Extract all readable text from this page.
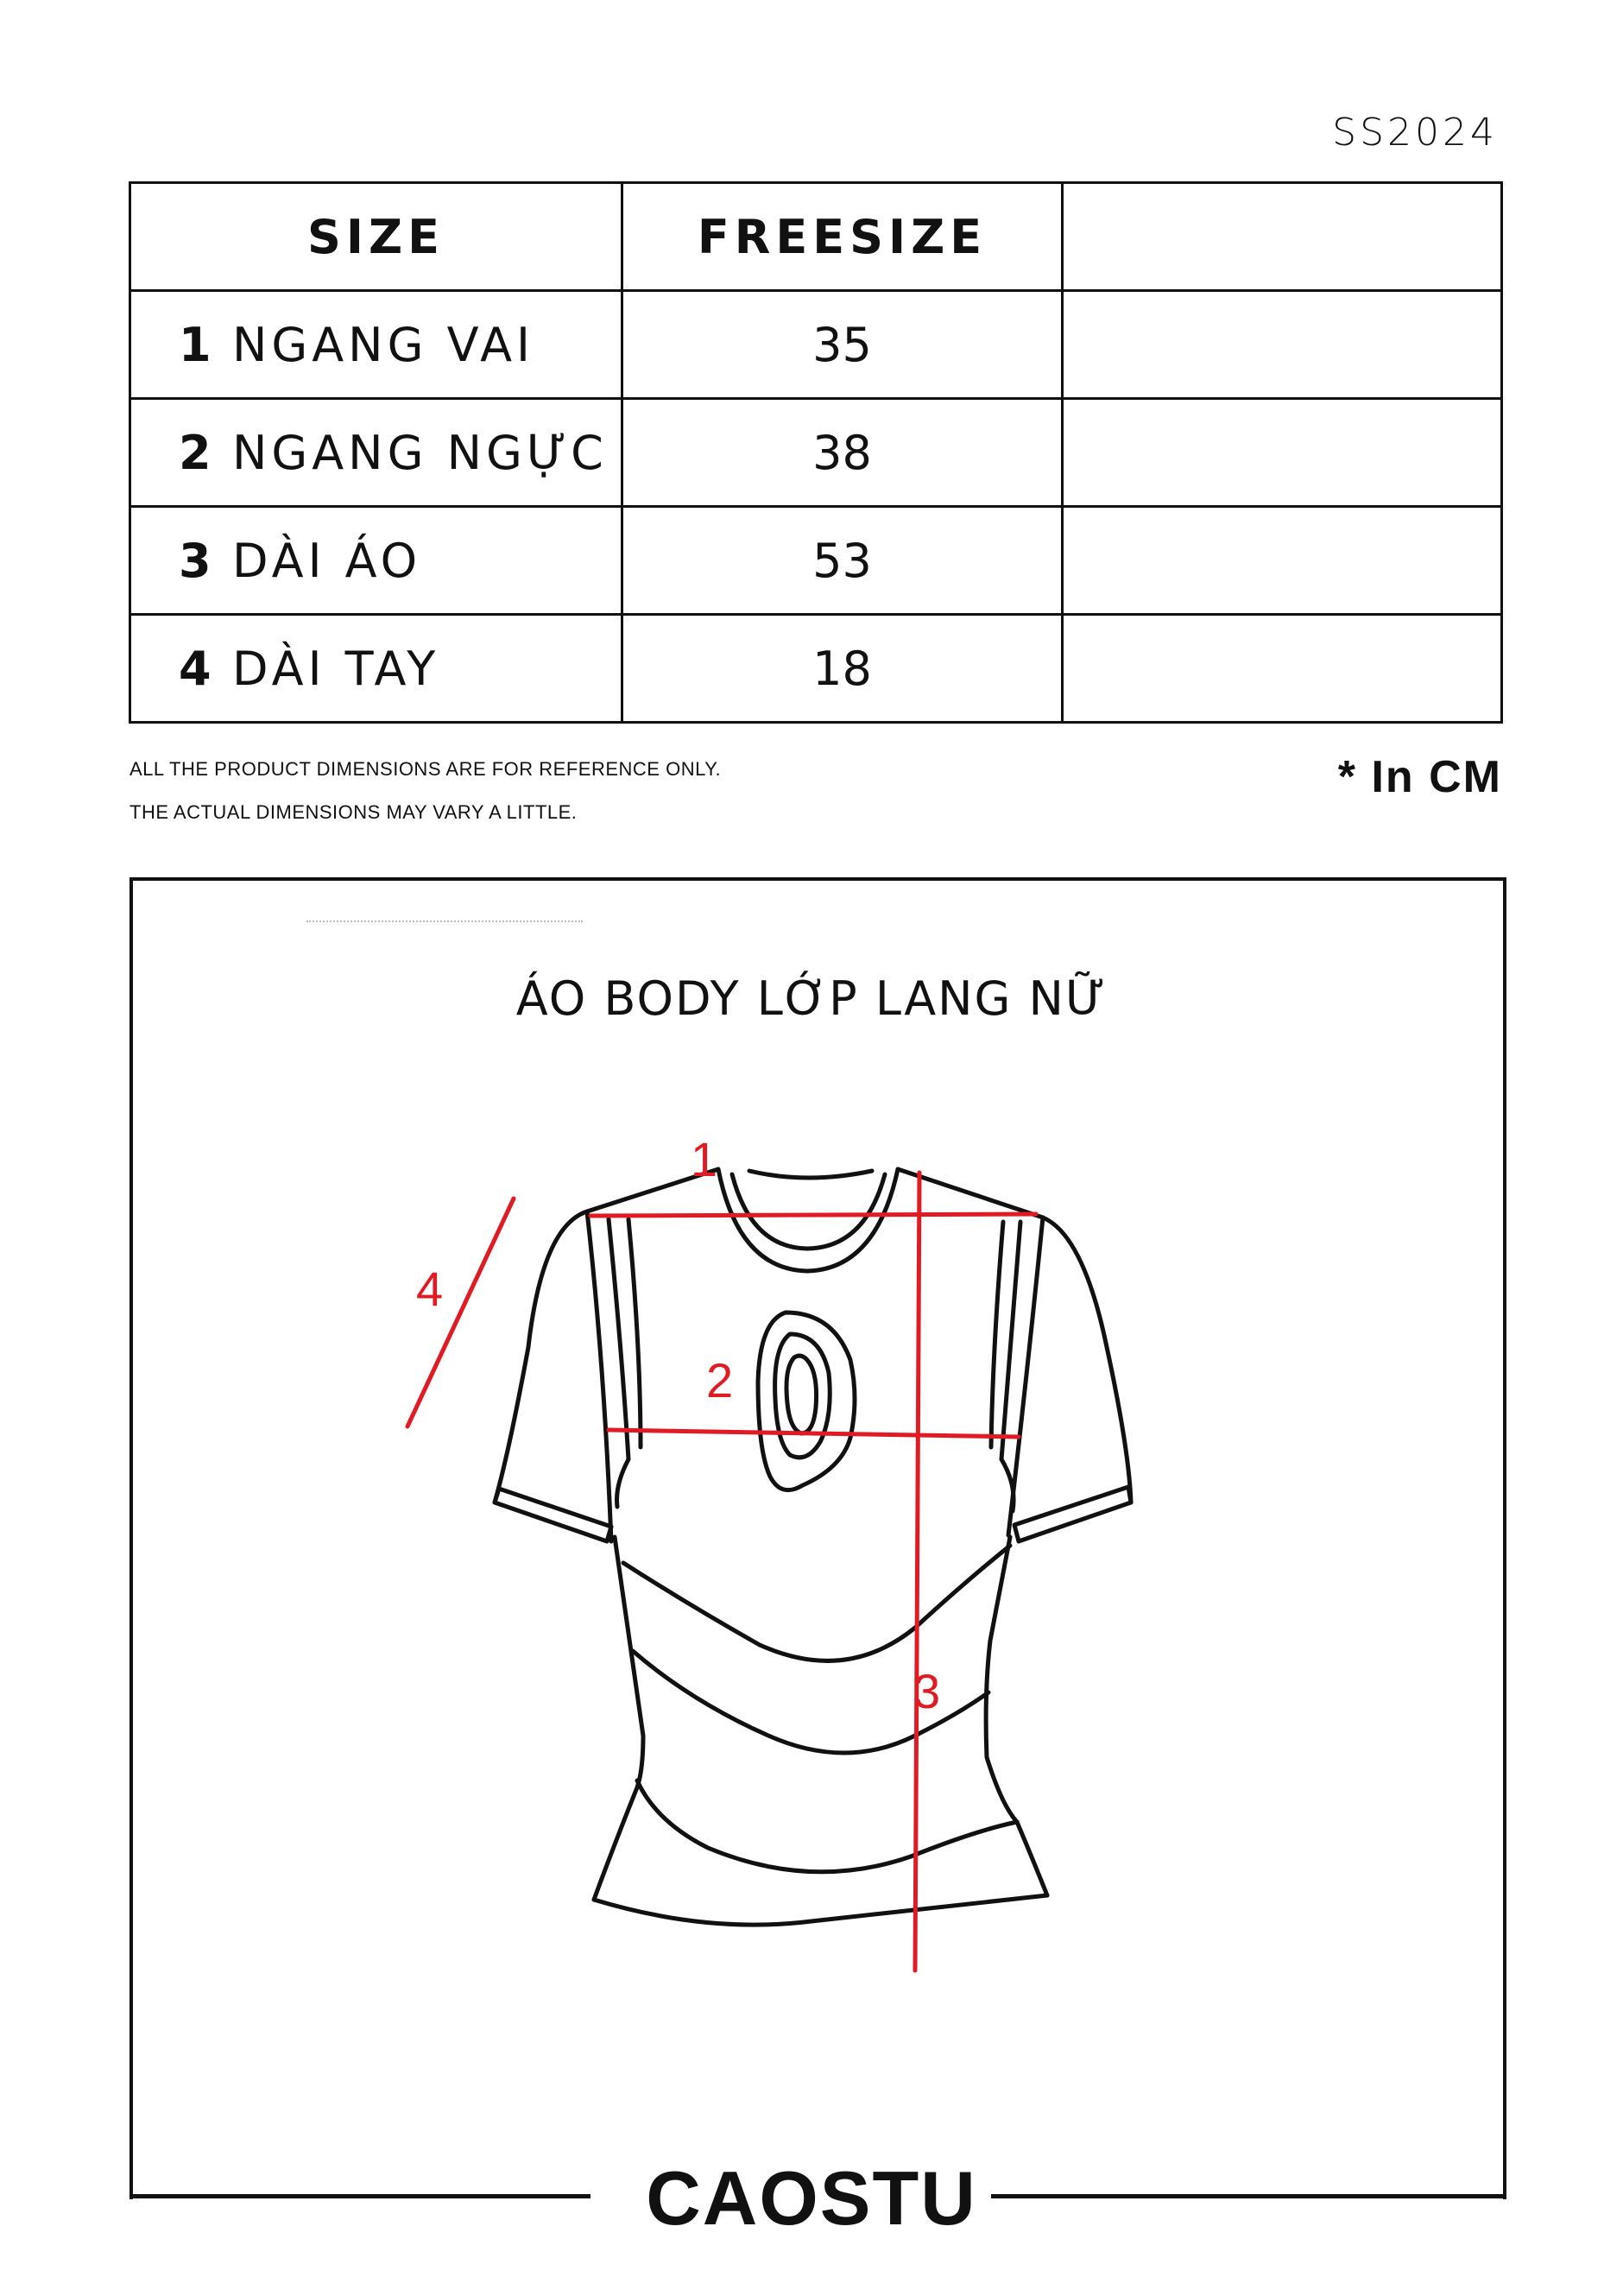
SS2024
SIZE	FREESIZE	
1 NGANG VAI	35	
2 NGANG NGỰC	38	
3 DÀI ÁO	53	
4 DÀI TAY	18	
ALL THE PRODUCT DIMENSIONS ARE FOR REFERENCE ONLY.
THE ACTUAL DIMENSIONS MAY VARY A LITTLE.
* In CM
ÁO BODY LỚP LANG NỮ
1
2
3
4
CAOSTU
